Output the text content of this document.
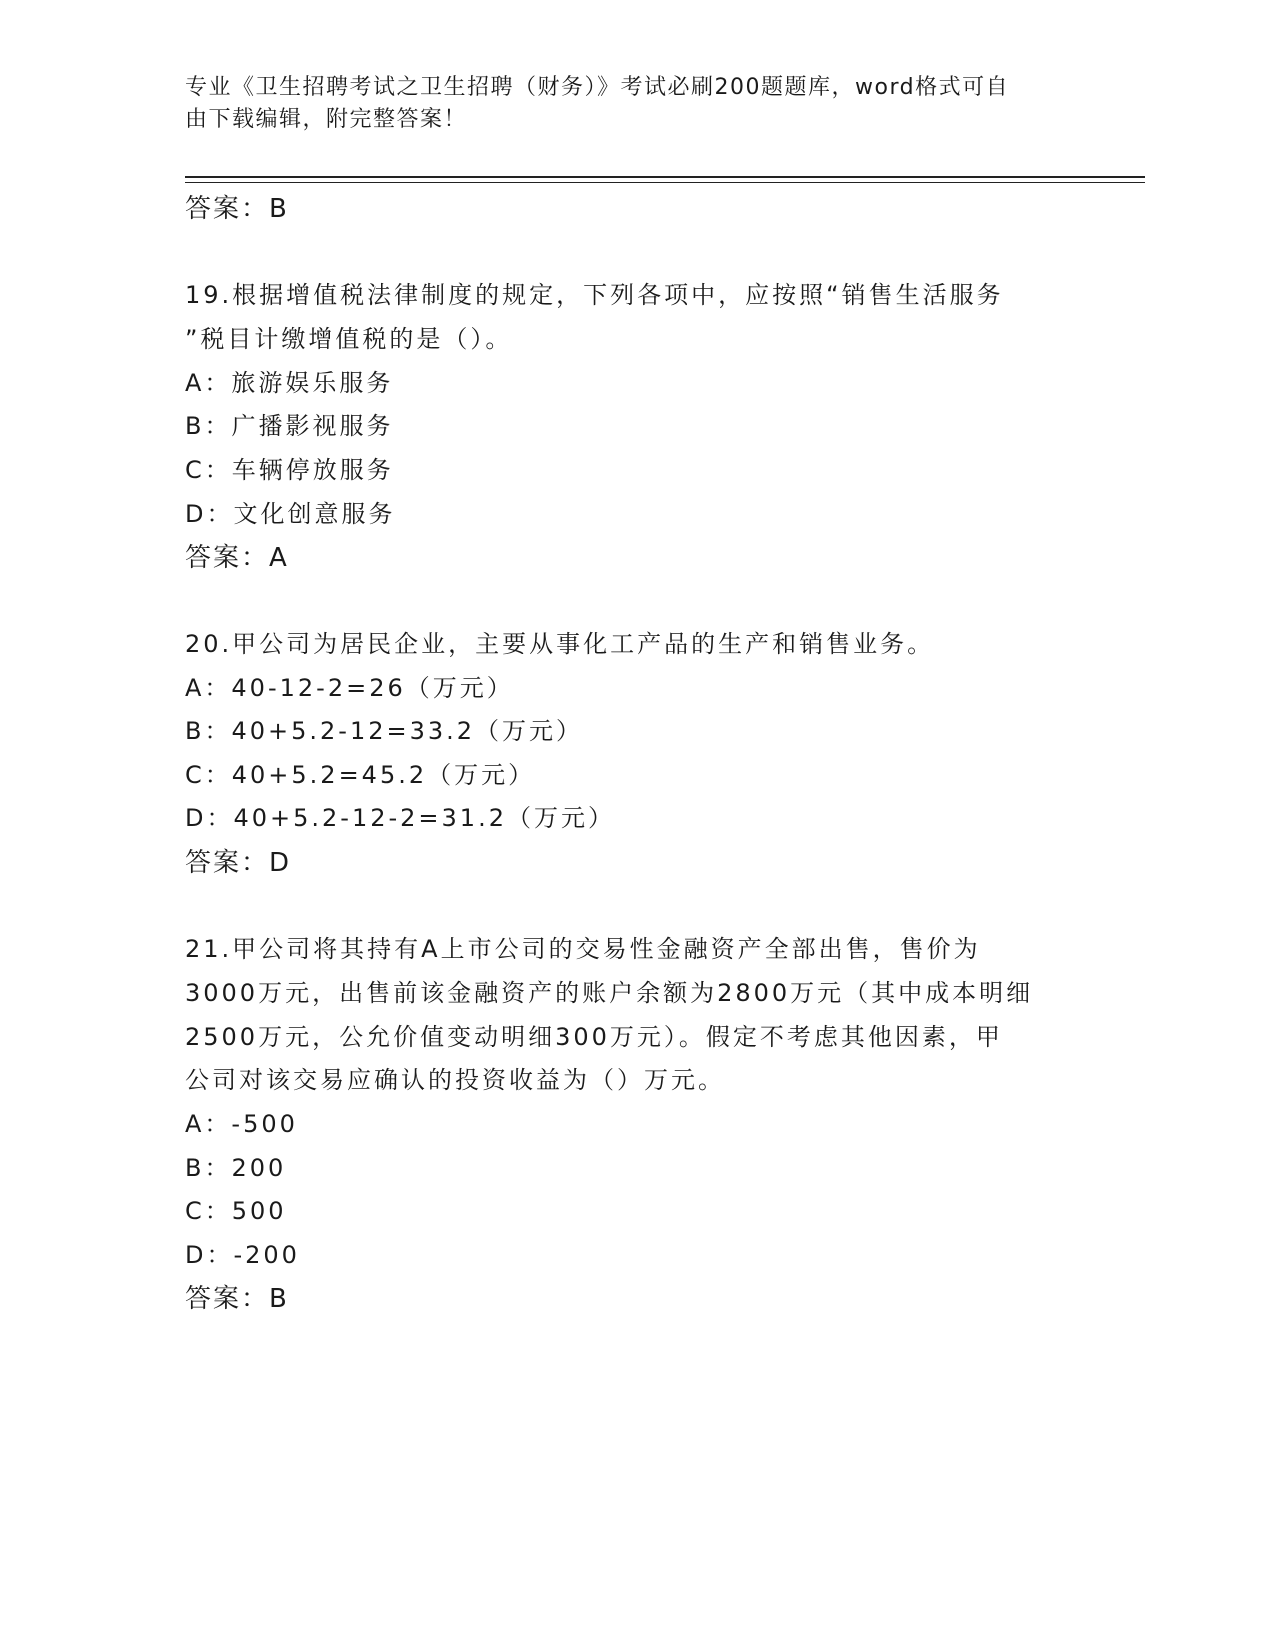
专业《卫生招聘考试之卫生招聘（财务）》考试必刷200题题库，word格式可自
由下载编辑，附完整答案！
答案：B
19.根据增值税法律制度的规定，下列各项中，应按照“销售生活服务
”税目计缴增值税的是（）。
A：旅游娱乐服务
B：广播影视服务
C：车辆停放服务
D：文化创意服务
答案：A
20.甲公司为居民企业，主要从事化工产品的生产和销售业务。
A：40-12-2=26（万元）
B：40+5.2-12=33.2（万元）
C：40+5.2=45.2（万元）
D：40+5.2-12-2=31.2（万元）
答案：D
21.甲公司将其持有A上市公司的交易性金融资产全部出售，售价为
3000万元，出售前该金融资产的账户余额为2800万元（其中成本明细
2500万元，公允价值变动明细300万元）。假定不考虑其他因素，甲
公司对该交易应确认的投资收益为（）万元。
A：-500
B：200
C：500
D：-200
答案：B
